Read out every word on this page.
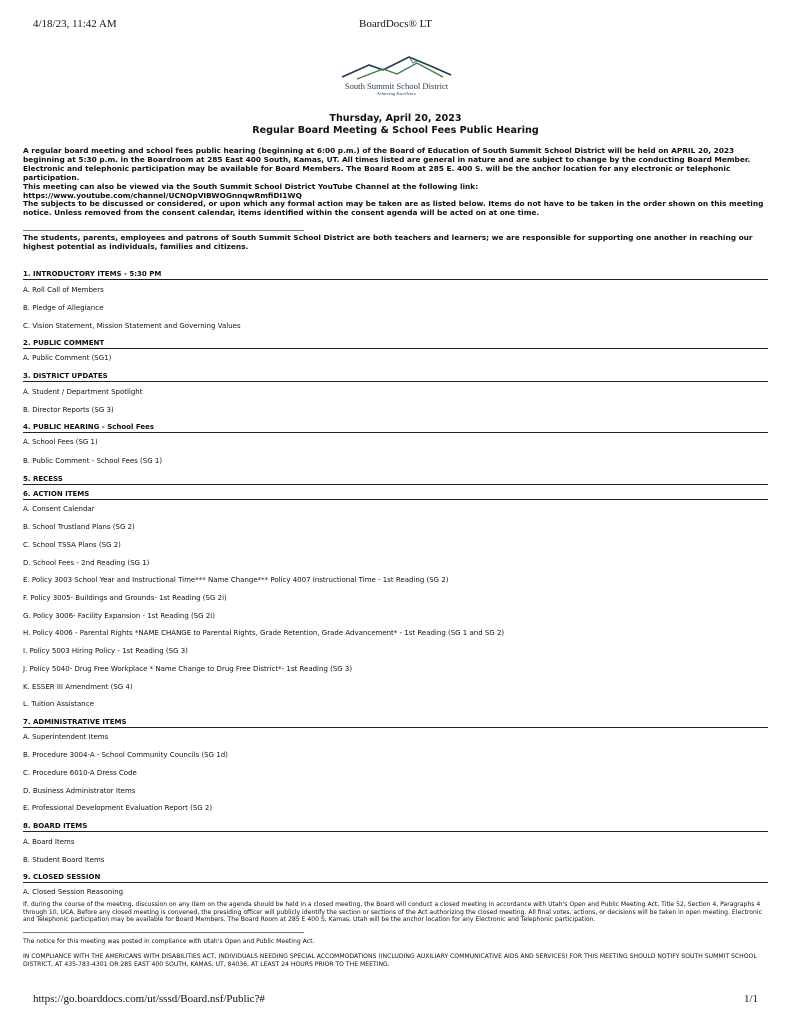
4/18/23, 11:42 AM	BoardDocs® LT
South Summit School District
Achieving Excellence
Thursday, April 20, 2023
Regular Board Meeting & School Fees Public Hearing

A regular board meeting and school fees public hearing (beginning at 6:00 p.m.) of the Board of Education of South Summit School District will be held on APRIL 20, 2023 beginning at 5:30 p.m. in the Boardroom at 285 East 400 South, Kamas, UT. All times listed are general in nature and are subject to change by the conducting Board Member. Electronic and telephonic participation may be available for Board Members. The Board Room at 285 E. 400 S. will be the anchor location for any electronic or telephonic participation.

This meeting can also be viewed via the South Summit School District YouTube Channel at the following link:

https://www.youtube.com/channel/UCNOpVIBWOGnnqwRmfiDI1WQ

The subjects to be discussed or considered, or upon which any formal action may be taken are as listed below. Items do not have to be taken in the order shown on this meeting notice. Unless removed from the consent calendar, items identified within the consent agenda will be acted on at one time.

The students, parents, employees and patrons of South Summit School District are both teachers and learners; we are responsible for supporting one another in reaching our highest potential as individuals, families and citizens.
1. INTRODUCTORY ITEMS - 5:30 PM
A. Roll Call of Members
B. Pledge of Allegiance
C. Vision Statement, Mission Statement and Governing Values
2. PUBLIC COMMENT
A. Public Comment (SG1)
3. DISTRICT UPDATES
A. Student / Department Spotlight
B. Director Reports (SG 3)
4. PUBLIC HEARING - School Fees
A. School Fees (SG 1)
B. Public Comment - School Fees (SG 1)
5. RECESS
6. ACTION ITEMS
A. Consent Calendar
B. School Trustland Plans (SG 2)
C. School TSSA Plans (SG 2)
D. School Fees - 2nd Reading (SG 1)
E. Policy 3003 School Year and Instructional Time*** Name Change*** Policy 4007 Instructional Time - 1st Reading (SG 2)
F. Policy 3005- Buildings and Grounds- 1st Reading (SG 2i)
G. Policy 3006- Facility Expansion - 1st Reading (SG 2i)
H. Policy 4006 - Parental Rights *NAME CHANGE to Parental Rights, Grade Retention, Grade Advancement* - 1st Reading (SG 1 and SG 2)
I. Policy 5003 Hiring Policy - 1st Reading (SG 3)
J. Policy 5040- Drug Free Workplace * Name Change to Drug Free District*- 1st Reading (SG 3)
K. ESSER III Amendment (SG 4)
L. Tuition Assistance
7. ADMINISTRATIVE ITEMS
A. Superintendent Items
B. Procedure 3004-A - School Community Councils (SG 1d)
C. Procedure 6010-A Dress Code
D. Business Administrator Items
E. Professional Development Evaluation Report (SG 2)
8. BOARD ITEMS
A. Board Items
B. Student Board Items
9. CLOSED SESSION
A. Closed Session Reasoning
If, during the course of the meeting, discussion on any item on the agenda should be held in a closed meeting, the Board will conduct a closed meeting in accordance with Utah's Open and Public Meeting Act, Title 52, Section 4, Paragraphs 4 through 10, UCA. Before any closed meeting is convened, the presiding officer will publicly identify the section or sections of the Act authorizing the closed meeting. All final votes, actions, or decisions will be taken in open meeting. Electronic and Telephonic participation may be available for Board Members. The Board Room at 285 E 400 S, Kamas, Utah will be the anchor location for any Electronic and Telephonic participation.
The notice for this meeting was posted in compliance with Utah's Open and Public Meeting Act.
IN COMPLIANCE WITH THE AMERICANS WITH DISABILITIES ACT, INDIVIDUALS NEEDING SPECIAL ACCOMMODATIONS (INCLUDING AUXILIARY COMMUNICATIVE AIDS AND SERVICES) FOR THIS MEETING SHOULD NOTIFY SOUTH SUMMIT SCHOOL DISTRICT, AT 435-783-4301 OR 285 EAST 400 SOUTH, KAMAS, UT, 84036, AT LEAST 24 HOURS PRIOR TO THE MEETING.
https://go.boarddocs.com/ut/sssd/Board.nsf/Public?#	1/1
